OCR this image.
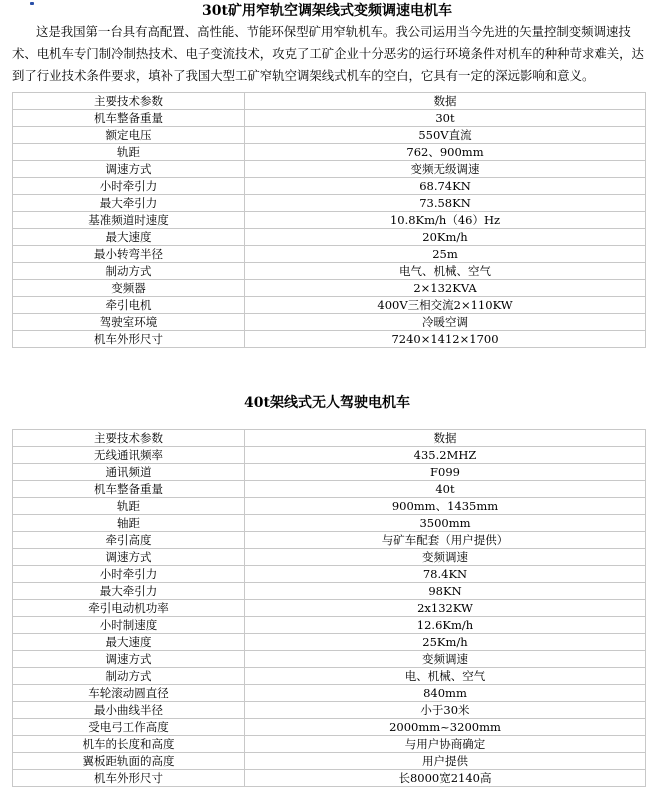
30t矿用窄轨空调架线式变频调速电机车
这是我国第一台具有高配置、高性能、节能环保型矿用窄轨机车。我公司运用当今先进的矢量控制变频调速技术、电机车专门制冷制热技术、电子变流技术，攻克了工矿企业十分恶劣的运行环境条件对机车的种种苛求难关，达到了行业技术条件要求，填补了我国大型工矿窄轨空调架线式机车的空白，它具有一定的深远影响和意义。
主要技术参数	数据
机车整备重量	30t
额定电压	550V直流
轨距	762、900mm
调速方式	变频无级调速
小时牵引力	68.74KN
最大牵引力	73.58KN
基准频道时速度	10.8Km/h（46）Hz
最大速度	20Km/h
最小转弯半径	25m
制动方式	电气、机械、空气
变频器	2×132KVA
牵引电机	400V三相交流2×110KW
驾驶室环境	冷暖空调
机车外形尺寸	7240×1412×1700
40t架线式无人驾驶电机车
主要技术参数	数据
无线通讯频率	435.2MHZ
通讯频道	F099
机车整备重量	40t
轨距	900mm、1435mm
轴距	3500mm
牵引高度	与矿车配套（用户提供）
调速方式	变频调速
小时牵引力	78.4KN
最大牵引力	98KN
牵引电动机功率	2x132KW
小时制速度	12.6Km/h
最大速度	25Km/h
调速方式	变频调速
制动方式	电、机械、空气
车轮滚动圆直径	840mm
最小曲线半径	小于30米
受电弓工作高度	2000mm~3200mm
机车的长度和高度	与用户协商确定
翼板距轨面的高度	用户提供
机车外形尺寸	长8000宽2140高
